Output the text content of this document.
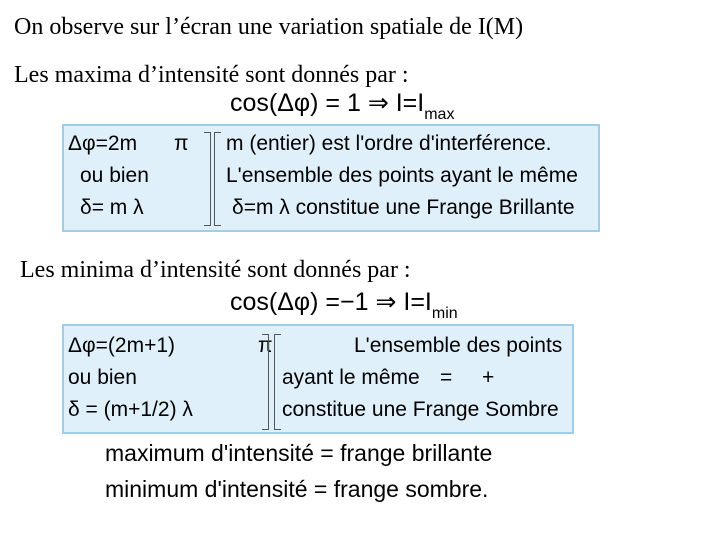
On observe sur l’écran une variation spatiale de I(M)
Les maxima d’intensité sont donnés par :
cos(Δφ) = 1 ⇒ $I=I_{max}$
Δφ=2m π
ou bien
δ= m λ
m (entier) est l'ordre d'interférence.
L'ensemble des points ayant le même
δ=m λ constitue une Frange Brillante
Les minima d’intensité sont donnés par :
cos(Δφ) =−1 ⇒ $I=I_{min}$
Δφ=(2m+1)	π
ou bien
δ = (m+1/2) λ
L'ensemble des points
ayant le même = +
constitue une Frange Sombre
maximum d'intensité = frange brillante
minimum d'intensité = frange sombre.
